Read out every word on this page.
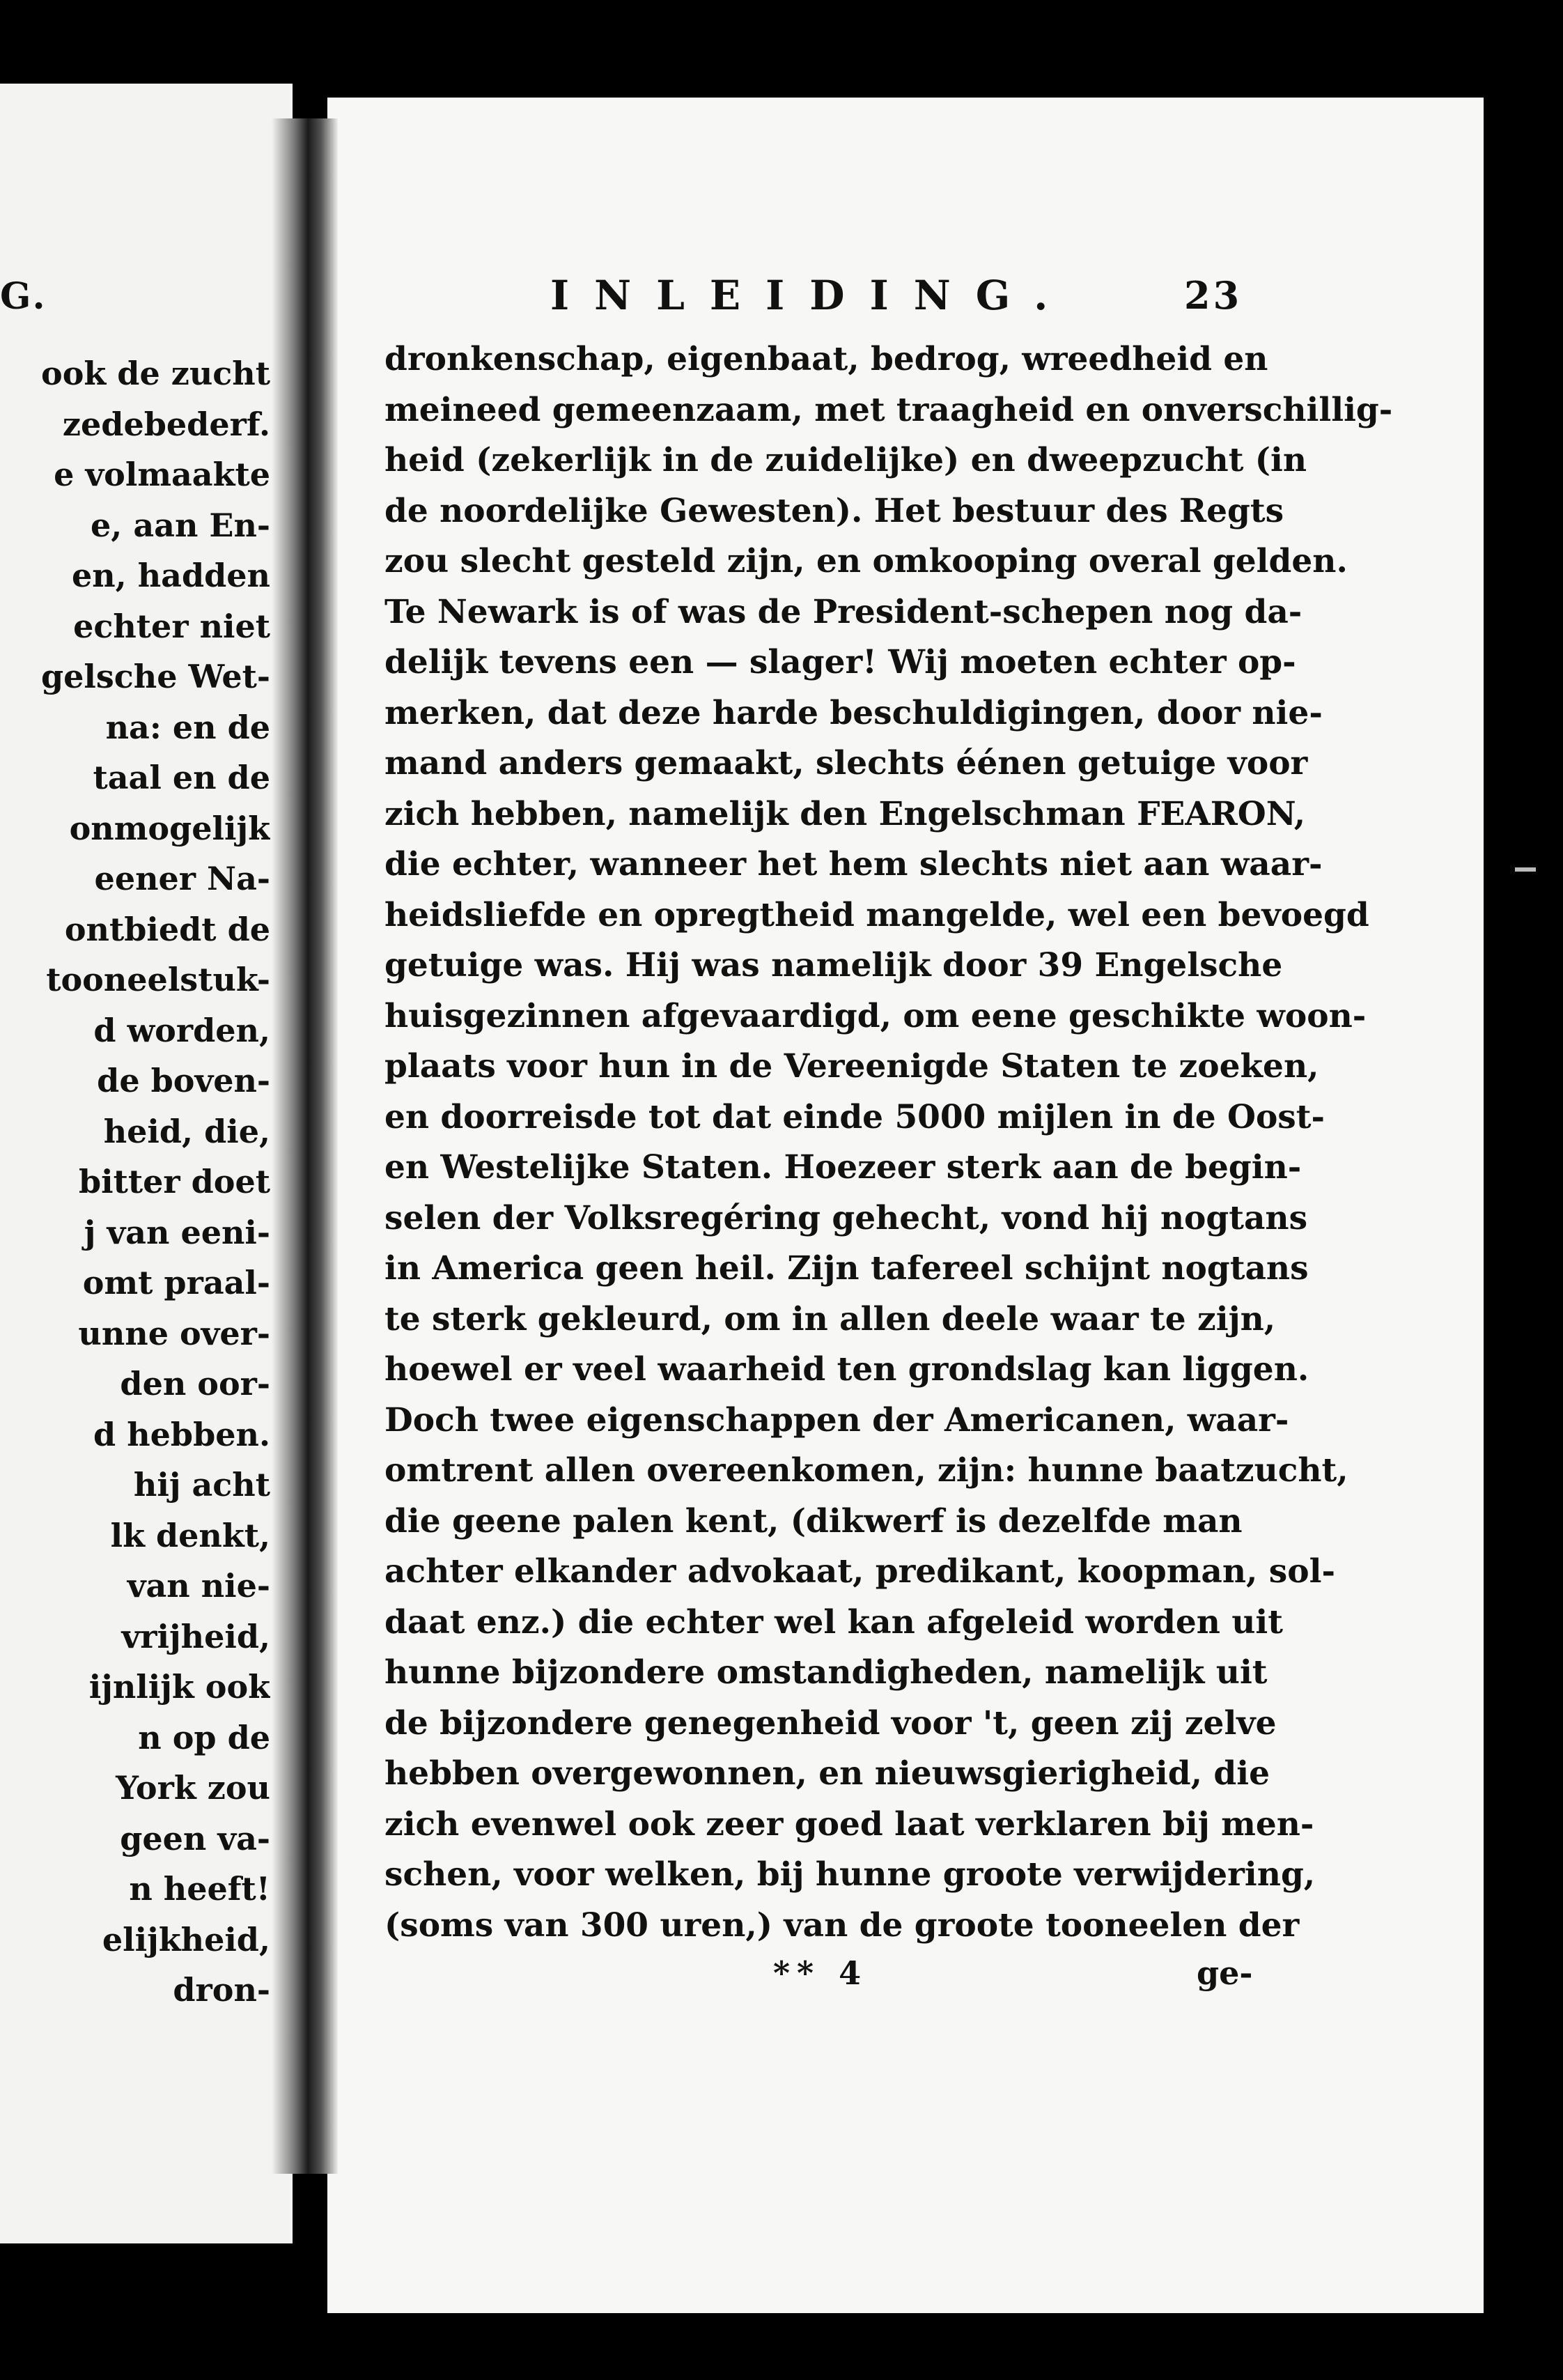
G.
ook de zucht
zedebederf.
e volmaakte
e, aan En-
en, hadden
echter niet
gelsche Wet-
na: en de
taal en de
onmogelijk
eener Na-
ontbiedt de
tooneelstuk-
d worden,
de boven-
heid, die,
bitter doet
j van eeni-
omt praal-
unne over-
den oor-
d hebben.
hij acht
lk denkt,
van nie-
vrijheid,
ijnlijk ook
n op de
York zou
geen va-
n heeft!
elijkheid,
dron-
INLEIDING.	23
dronkenschap, eigenbaat, bedrog, wreedheid en
meineed gemeenzaam, met traagheid en onverschillig-
heid (zekerlijk in de zuidelijke) en dweepzucht (in
de noordelijke Gewesten). Het bestuur des Regts
zou slecht gesteld zijn, en omkooping overal gelden.
Te Newark is of was de President-schepen nog da-
delijk tevens een — slager! Wij moeten echter op-
merken, dat deze harde beschuldigingen, door nie-
mand anders gemaakt, slechts éénen getuige voor
zich hebben, namelijk den Engelschman FEARON,
die echter, wanneer het hem slechts niet aan waar-
heidsliefde en opregtheid mangelde, wel een bevoegd
getuige was. Hij was namelijk door 39 Engelsche
huisgezinnen afgevaardigd, om eene geschikte woon-
plaats voor hun in de Vereenigde Staten te zoeken,
en doorreisde tot dat einde 5000 mijlen in de Oost-
en Westelijke Staten. Hoezeer sterk aan de begin-
selen der Volksregéring gehecht, vond hij nogtans
in America geen heil. Zijn tafereel schijnt nogtans
te sterk gekleurd, om in allen deele waar te zijn,
hoewel er veel waarheid ten grondslag kan liggen.
Doch twee eigenschappen der Americanen, waar-
omtrent allen overeenkomen, zijn: hunne baatzucht,
die geene palen kent, (dikwerf is dezelfde man
achter elkander advokaat, predikant, koopman, sol-
daat enz.) die echter wel kan afgeleid worden uit
hunne bijzondere omstandigheden, namelijk uit
de bijzondere genegenheid voor 't, geen zij zelve
hebben overgewonnen, en nieuwsgierigheid, die
zich evenwel ook zeer goed laat verklaren bij men-
schen, voor welken, bij hunne groote verwijdering,
(soms van 300 uren,) van de groote tooneelen der
** 4	ge-
